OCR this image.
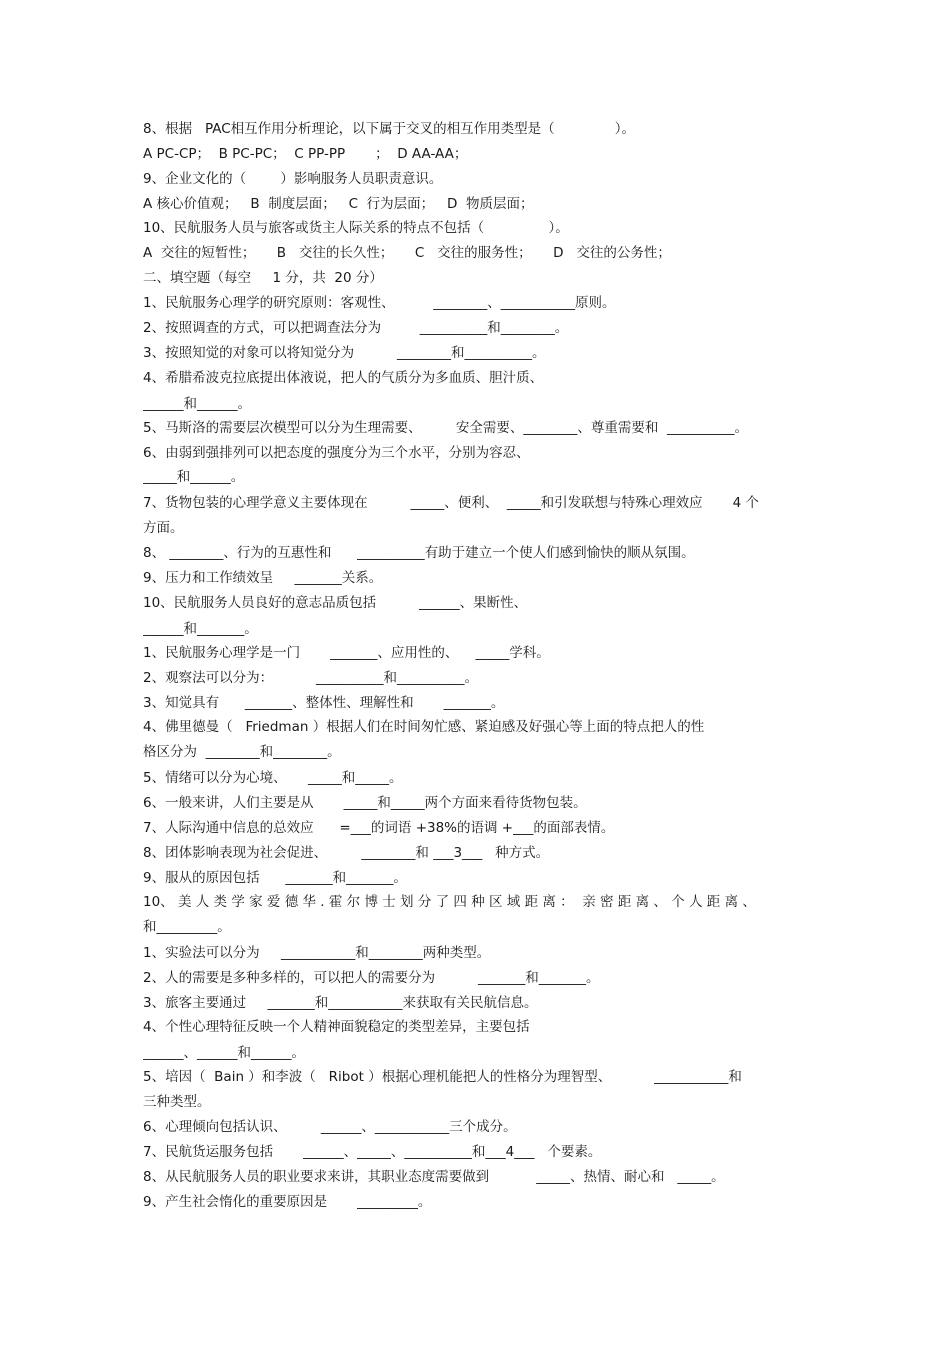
8、根据   PAC相互作用分析理论，以下属于交叉的相互作用类型是（              ）。
A PC-CP；  B PC-PC；  C PP-PP       ；  D AA-AA；
9、企业文化的（        ）影响服务人员职责意识。
A 核心价值观；   B  制度层面；   C  行为层面；   D  物质层面；
10、民航服务人员与旅客或货主人际关系的特点不包括（               ）。
A  交往的短暂性；     B   交往的长久性；     C   交往的服务性；     D   交往的公务性；
二、填空题（每空     1 分，共  20 分）
1、民航服务心理学的研究原则：客观性、         ________、___________原则。
2、按照调查的方式，可以把调查法分为         __________和________。
3、按照知觉的对象可以将知觉分为          ________和__________。
4、希腊希波克拉底提出体液说，把人的气质分为多血质、胆汁质、
______和______。
5、马斯洛的需要层次模型可以分为生理需要、        安全需要、________、尊重需要和  __________。
6、由弱到强排列可以把态度的强度分为三个水平，分别为容忍、
_____和______。
7、货物包装的心理学意义主要体现在          _____、便利、  _____和引发联想与特殊心理效应       4 个
方面。
8、 ________、行为的互惠性和      __________有助于建立一个使人们感到愉快的顺从氛围。
9、压力和工作绩效呈     _______关系。
10、民航服务人员良好的意志品质包括          ______、果断性、
______和_______。
1、民航服务心理学是一门       _______、应用性的、    _____学科。
2、观察法可以分为：          __________和__________。
3、知觉具有      _______、整体性、理解性和       _______。
4、佛里德曼（   Friedman ）根据人们在时间匆忙感、紧迫感及好强心等上面的特点把人的性
格区分为  ________和________。
5、情绪可以分为心境、     _____和_____。
6、一般来讲，人们主要是从       _____和_____两个方面来看待货物包装。
7、人际沟通中信息的总效应      =___的词语 +38%的语调 +___的面部表情。
8、团体影响表现为社会促进、        ________和 ___3___   种方式。
9、服从的原因包括      _______和_______。
10、 美 人 类 学 家 爱 德 华 . 霍 尔 博 士 划 分 了 四 种 区 域 距 离 ：  亲 密 距 离 、 个 人 距 离 、
和_________。
1、实验法可以分为     ___________和________两种类型。
2、人的需要是多种多样的，可以把人的需要分为          _______和_______。
3、旅客主要通过     _______和___________来获取有关民航信息。
4、个性心理特征反映一个人精神面貌稳定的类型差异，主要包括
______、______和______。
5、培因（  Bain ）和李波（   Ribot ）根据心理机能把人的性格分为理智型、          ___________和
三种类型。
6、心理倾向包括认识、        ______、___________三个成分。
7、民航货运服务包括       ______、_____、__________和___4___   个要素。
8、从民航服务人员的职业要求来讲，其职业态度需要做到           _____、热情、耐心和   _____。
9、产生社会惰化的重要原因是       _________。
